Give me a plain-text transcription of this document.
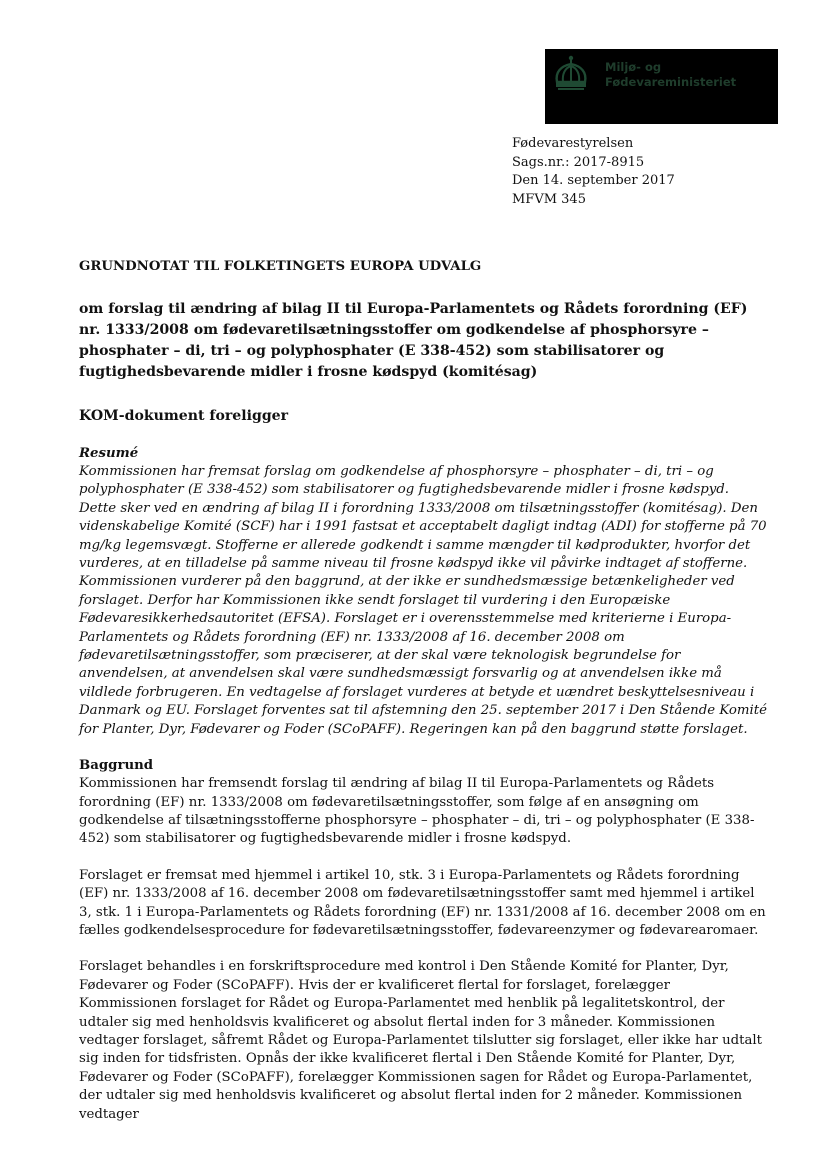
Miljø- og
Fødevareministeriet
Fødevarestyrelsen
Sags.nr.: 2017-8915
Den 14. september 2017
MFVM 345

GRUNDNOTAT TIL FOLKETINGETS EUROPA UDVALG

om forslag til ændring af bilag II til Europa-Parlamentets og Rådets forordning (EF) nr. 1333/2008 om fødevaretilsætningsstoffer om godkendelse af phosphorsyre – phosphater – di, tri – og polyphosphater (E 338-452) som stabilisatorer og fugtighedsbevarende midler i frosne kødspyd (komitésag)

KOM-dokument foreligger

Resumé

Kommissionen har fremsat forslag om godkendelse af phosphorsyre – phosphater – di, tri – og polyphosphater (E 338-452) som stabilisatorer og fugtighedsbevarende midler i frosne kødspyd. Dette sker ved en ændring af bilag II i forordning 1333/2008 om tilsætningsstoffer (komitésag). Den videnskabelige Komité (SCF) har i 1991 fastsat et acceptabelt dagligt indtag (ADI) for stofferne på 70 mg/kg legemsvægt. Stofferne er allerede godkendt i samme mængder til kødprodukter, hvorfor det vurderes, at en tilladelse på samme niveau til frosne kødspyd ikke vil påvirke indtaget af stofferne. Kommissionen vurderer på den baggrund, at der ikke er sundhedsmæssige betænkeligheder ved forslaget. Derfor har Kommissionen ikke sendt forslaget til vurdering i den Europæiske Fødevaresikkerhedsautoritet (EFSA). Forslaget er i overensstemmelse med kriterierne i Europa-Parlamentets og Rådets forordning (EF) nr. 1333/2008 af 16. december 2008 om fødevaretilsætningsstoffer, som præciserer, at der skal være teknologisk begrundelse for anvendelsen, at anvendelsen skal være sundhedsmæssigt forsvarlig og at anvendelsen ikke må vildlede forbrugeren. En vedtagelse af forslaget vurderes at betyde et uændret beskyttelsesniveau i Danmark og EU. Forslaget forventes sat til afstemning den 25. september 2017 i Den Stående Komité for Planter, Dyr, Fødevarer og Foder (SCoPAFF). Regeringen kan på den baggrund støtte forslaget.

Baggrund

Kommissionen har fremsendt forslag til ændring af bilag II til Europa-Parlamentets og Rådets forordning (EF) nr. 1333/2008 om fødevaretilsætningsstoffer, som følge af en ansøgning om godkendelse af tilsætningsstofferne phosphorsyre – phosphater – di, tri – og polyphosphater (E 338-452) som stabilisatorer og fugtighedsbevarende midler i frosne kødspyd.

Forslaget er fremsat med hjemmel i artikel 10, stk. 3 i Europa-Parlamentets og Rådets forordning (EF) nr. 1333/2008 af 16. december 2008 om fødevaretilsætningsstoffer samt med hjemmel i artikel 3, stk. 1 i Europa-Parlamentets og Rådets forordning (EF) nr. 1331/2008 af 16. december 2008 om en fælles godkendelsesprocedure for fødevaretilsætningsstoffer, fødevareenzymer og fødevarearomaer.

Forslaget behandles i en forskriftsprocedure med kontrol i Den Stående Komité for Planter, Dyr, Fødevarer og Foder (SCoPAFF). Hvis der er kvalificeret flertal for forslaget, forelægger Kommissionen forslaget for Rådet og Europa-Parlamentet med henblik på legalitetskontrol, der udtaler sig med henholdsvis kvalificeret og absolut flertal inden for 3 måneder. Kommissionen vedtager forslaget, såfremt Rådet og Europa-Parlamentet tilslutter sig forslaget, eller ikke har udtalt sig inden for tidsfristen. Opnås der ikke kvalificeret flertal i Den Stående Komité for Planter, Dyr, Fødevarer og Foder (SCoPAFF), forelægger Kommissionen sagen for Rådet og Europa-Parlamentet, der udtaler sig med henholdsvis kvalificeret og absolut flertal inden for 2 måneder. Kommissionen vedtager
